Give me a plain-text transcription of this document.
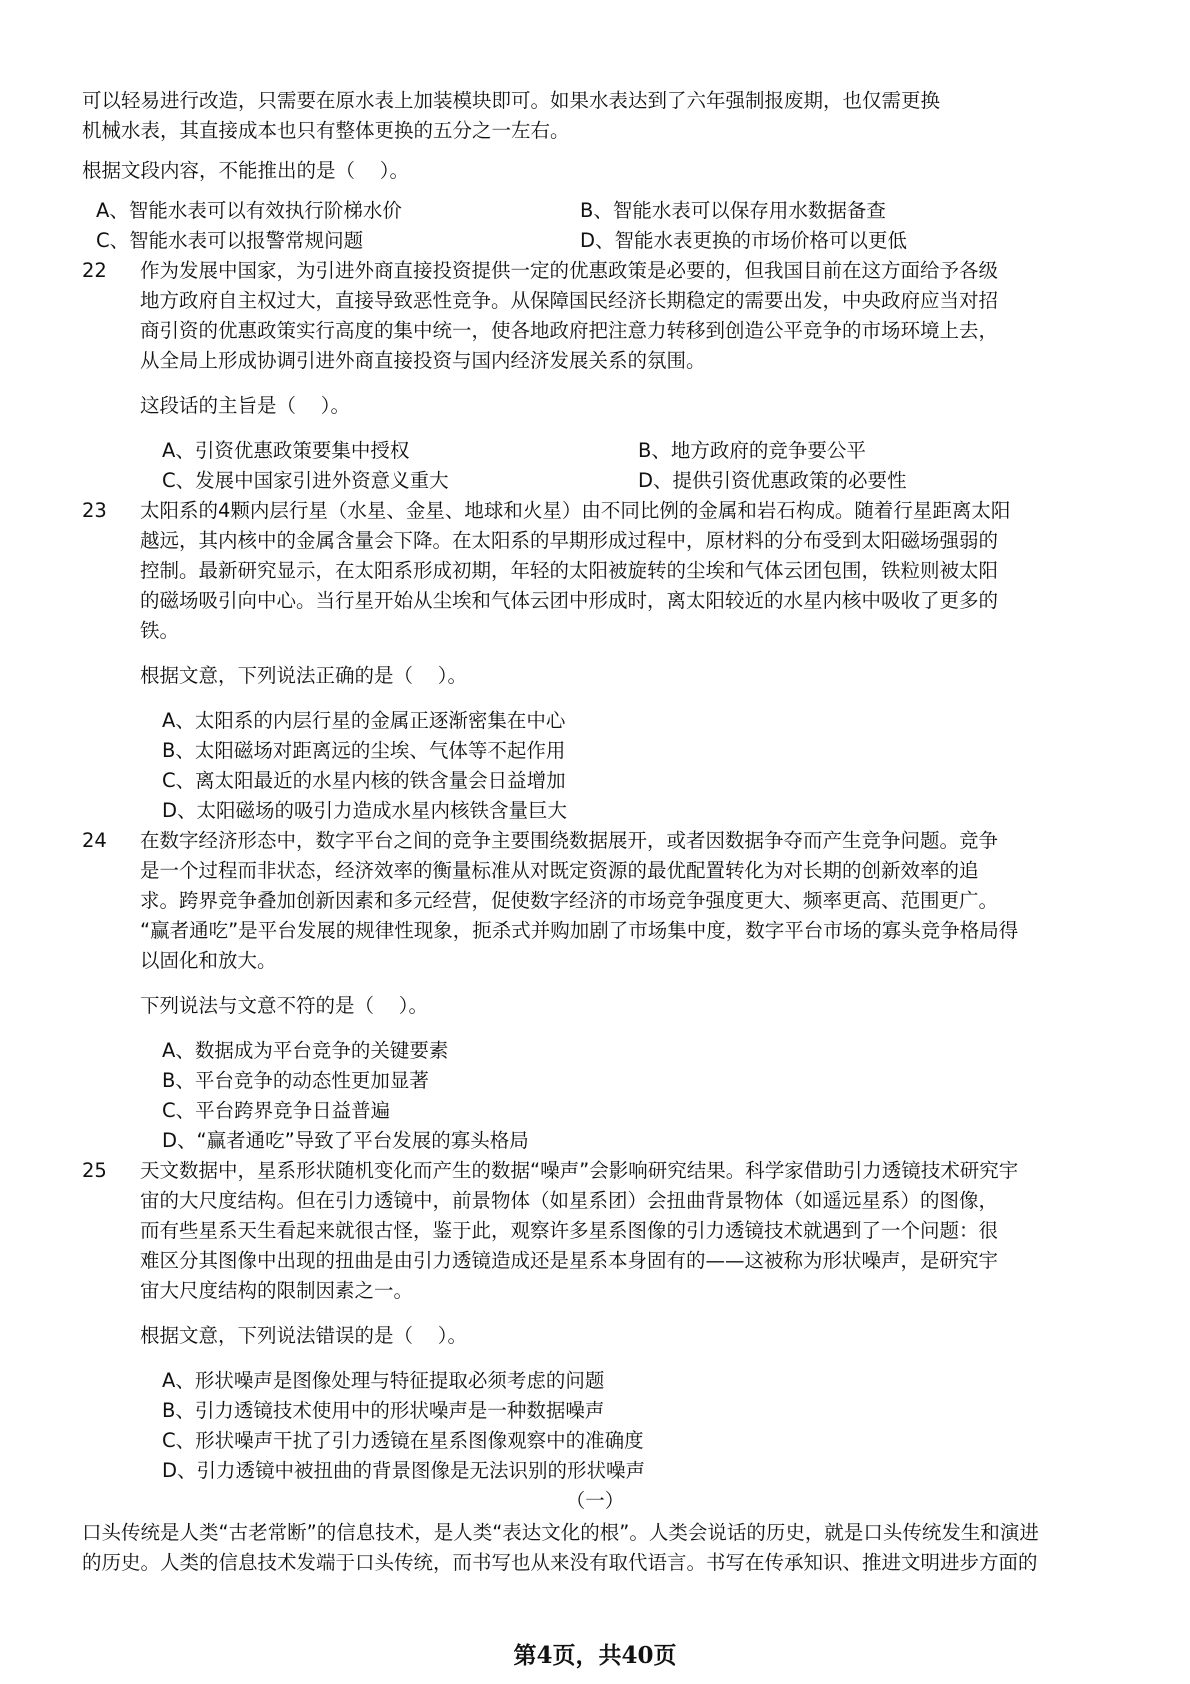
可以轻易进行改造，只需要在原水表上加装模块即可。如果水表达到了六年强制报废期，也仅需更换
机械水表，其直接成本也只有整体更换的五分之一左右。
根据文段内容，不能推出的是（    ）。
A、智能水表可以有效执行阶梯水价	B、智能水表可以保存用水数据备查
C、智能水表可以报警常规问题	D、智能水表更换的市场价格可以更低
22 作为发展中国家，为引进外商直接投资提供一定的优惠政策是必要的，但我国目前在这方面给予各级
地方政府自主权过大，直接导致恶性竞争。从保障国民经济长期稳定的需要出发，中央政府应当对招
商引资的优惠政策实行高度的集中统一，使各地政府把注意力转移到创造公平竞争的市场环境上去，
从全局上形成协调引进外商直接投资与国内经济发展关系的氛围。
这段话的主旨是（    ）。
A、引资优惠政策要集中授权	B、地方政府的竞争要公平
C、发展中国家引进外资意义重大	D、提供引资优惠政策的必要性
23 太阳系的4颗内层行星（水星、金星、地球和火星）由不同比例的金属和岩石构成。随着行星距离太阳
越远，其内核中的金属含量会下降。在太阳系的早期形成过程中，原材料的分布受到太阳磁场强弱的
控制。最新研究显示，在太阳系形成初期，年轻的太阳被旋转的尘埃和气体云团包围，铁粒则被太阳
的磁场吸引向中心。当行星开始从尘埃和气体云团中形成时，离太阳较近的水星内核中吸收了更多的
铁。
根据文意，下列说法正确的是（    ）。
A、太阳系的内层行星的金属正逐渐密集在中心
B、太阳磁场对距离远的尘埃、气体等不起作用
C、离太阳最近的水星内核的铁含量会日益增加
D、太阳磁场的吸引力造成水星内核铁含量巨大
24 在数字经济形态中，数字平台之间的竞争主要围绕数据展开，或者因数据争夺而产生竞争问题。竞争
是一个过程而非状态，经济效率的衡量标准从对既定资源的最优配置转化为对长期的创新效率的追
求。跨界竞争叠加创新因素和多元经营，促使数字经济的市场竞争强度更大、频率更高、范围更广。
“赢者通吃”是平台发展的规律性现象，扼杀式并购加剧了市场集中度，数字平台市场的寡头竞争格局得
以固化和放大。
下列说法与文意不符的是（    ）。
A、数据成为平台竞争的关键要素
B、平台竞争的动态性更加显著
C、平台跨界竞争日益普遍
D、“赢者通吃”导致了平台发展的寡头格局
25 天文数据中，星系形状随机变化而产生的数据“噪声”会影响研究结果。科学家借助引力透镜技术研究宇
宙的大尺度结构。但在引力透镜中，前景物体（如星系团）会扭曲背景物体（如遥远星系）的图像，
而有些星系天生看起来就很古怪，鉴于此，观察许多星系图像的引力透镜技术就遇到了一个问题：很
难区分其图像中出现的扭曲是由引力透镜造成还是星系本身固有的——这被称为形状噪声，是研究宇
宙大尺度结构的限制因素之一。
根据文意，下列说法错误的是（    ）。
A、形状噪声是图像处理与特征提取必须考虑的问题
B、引力透镜技术使用中的形状噪声是一种数据噪声
C、形状噪声干扰了引力透镜在星系图像观察中的准确度
D、引力透镜中被扭曲的背景图像是无法识别的形状噪声
（一）
口头传统是人类“古老常断”的信息技术，是人类“表达文化的根”。人类会说话的历史，就是口头传统发生和演进
的历史。人类的信息技术发端于口头传统，而书写也从来没有取代语言。书写在传承知识、推进文明进步方面的
第4页，共40页
